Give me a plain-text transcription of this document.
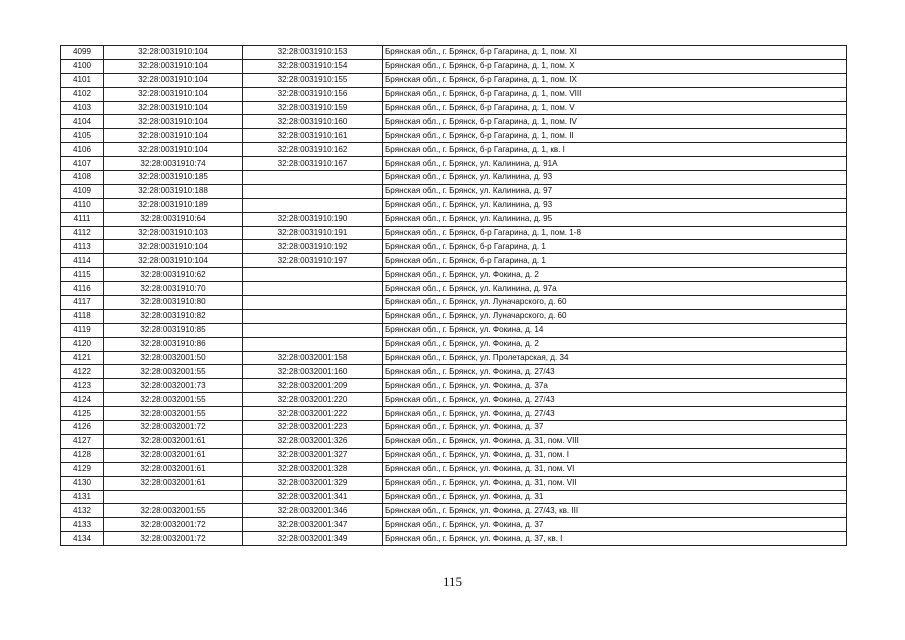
4099	32:28:0031910:104	32:28:0031910:153	Брянская обл., г. Брянск, б-р Гагарина, д. 1, пом. XI
4100	32:28:0031910:104	32:28:0031910:154	Брянская обл., г. Брянск, б-р Гагарина, д. 1, пом. X
4101	32:28:0031910:104	32:28:0031910:155	Брянская обл., г. Брянск, б-р Гагарина, д. 1, пом. IX
4102	32:28:0031910:104	32:28:0031910:156	Брянская обл., г. Брянск, б-р Гагарина, д. 1, пом. VIII
4103	32:28:0031910:104	32:28:0031910:159	Брянская обл., г. Брянск, б-р Гагарина, д. 1, пом. V
4104	32:28:0031910:104	32:28:0031910:160	Брянская обл., г. Брянск, б-р Гагарина, д. 1, пом. IV
4105	32:28:0031910:104	32:28:0031910:161	Брянская обл., г. Брянск, б-р Гагарина, д. 1, пом. II
4106	32:28:0031910:104	32:28:0031910:162	Брянская обл., г. Брянск, б-р Гагарина, д. 1, кв. I
4107	32:28:0031910:74	32:28:0031910:167	Брянская обл., г. Брянск, ул. Калинина, д. 91А
4108	32:28:0031910:185		Брянская обл., г. Брянск, ул. Калинина, д. 93
4109	32:28:0031910:188		Брянская обл., г. Брянск, ул. Калинина, д. 97
4110	32:28:0031910:189		Брянская обл., г. Брянск, ул. Калинина, д. 93
4111	32:28:0031910:64	32:28:0031910:190	Брянская обл., г. Брянск, ул. Калинина, д. 95
4112	32:28:0031910:103	32:28:0031910:191	Брянская обл., г. Брянск, б-р Гагарина, д. 1, пом. 1-8
4113	32:28:0031910:104	32:28:0031910:192	Брянская обл., г. Брянск, б-р Гагарина, д. 1
4114	32:28:0031910:104	32:28:0031910:197	Брянская обл., г. Брянск, б-р Гагарина, д. 1
4115	32:28:0031910:62		Брянская обл., г. Брянск, ул. Фокина, д. 2
4116	32:28:0031910:70		Брянская обл., г. Брянск, ул. Калинина, д. 97а
4117	32:28:0031910:80		Брянская обл., г. Брянск, ул. Луначарского, д. 60
4118	32:28:0031910:82		Брянская обл., г. Брянск, ул. Луначарского, д. 60
4119	32:28:0031910:85		Брянская обл., г. Брянск, ул. Фокина, д. 14
4120	32:28:0031910:86		Брянская обл., г. Брянск, ул. Фокина, д. 2
4121	32:28:0032001:50	32:28:0032001:158	Брянская обл., г. Брянск, ул. Пролетарская, д. 34
4122	32:28:0032001:55	32:28:0032001:160	Брянская обл., г. Брянск, ул. Фокина, д. 27/43
4123	32:28:0032001:73	32:28:0032001:209	Брянская обл., г. Брянск, ул. Фокина, д. 37а
4124	32:28:0032001:55	32:28:0032001:220	Брянская обл., г. Брянск, ул. Фокина, д. 27/43
4125	32:28:0032001:55	32:28:0032001:222	Брянская обл., г. Брянск, ул. Фокина, д. 27/43
4126	32:28:0032001:72	32:28:0032001:223	Брянская обл., г. Брянск, ул. Фокина, д. 37
4127	32:28:0032001:61	32:28:0032001:326	Брянская обл., г. Брянск, ул. Фокина, д. 31, пом. VIII
4128	32:28:0032001:61	32:28:0032001:327	Брянская обл., г. Брянск, ул. Фокина, д. 31, пом. I
4129	32:28:0032001:61	32:28:0032001:328	Брянская обл., г. Брянск, ул. Фокина, д. 31, пом. VI
4130	32:28:0032001:61	32:28:0032001:329	Брянская обл., г. Брянск, ул. Фокина, д. 31, пом. VII
4131		32:28:0032001:341	Брянская обл., г. Брянск, ул. Фокина, д. 31
4132	32:28:0032001:55	32:28:0032001:346	Брянская обл., г. Брянск, ул. Фокина, д. 27/43, кв. III
4133	32:28:0032001:72	32:28:0032001:347	Брянская обл., г. Брянск, ул. Фокина, д. 37
4134	32:28:0032001:72	32:28:0032001:349	Брянская обл., г. Брянск, ул. Фокина, д. 37, кв. I
115
